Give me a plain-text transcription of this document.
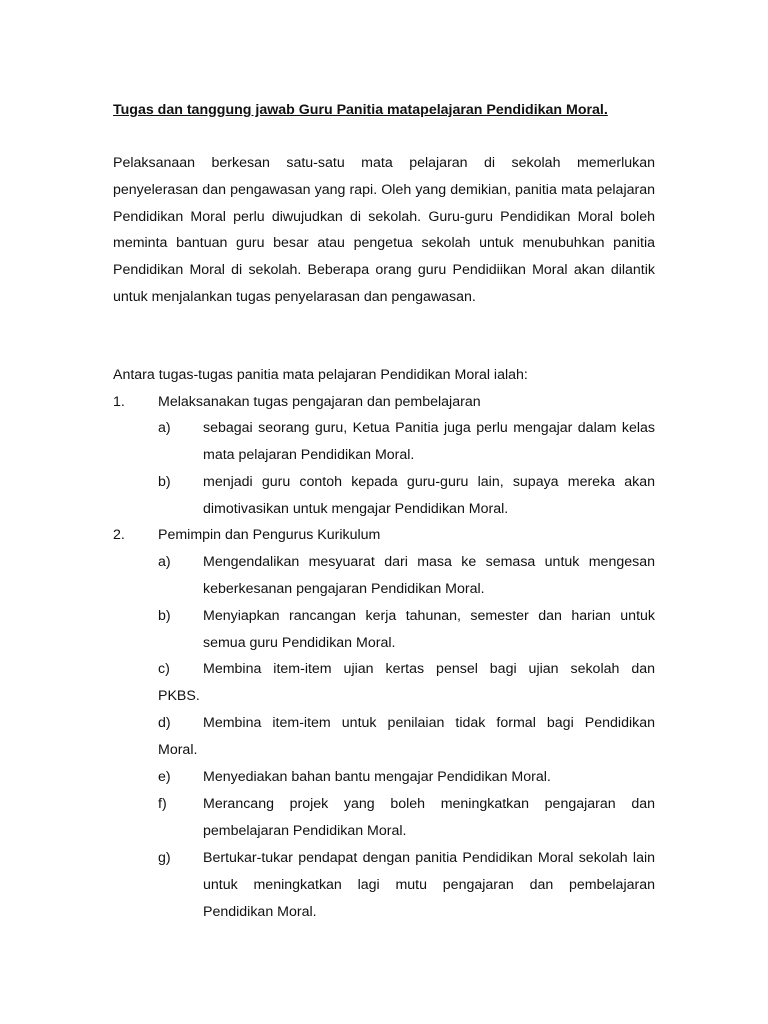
Tugas dan tanggung jawab Guru Panitia matapelajaran Pendidikan Moral.
Pelaksanaan berkesan satu-satu mata pelajaran di sekolah memerlukan penyelerasan dan pengawasan yang rapi. Oleh yang demikian, panitia mata pelajaran Pendidikan Moral perlu diwujudkan di sekolah. Guru-guru Pendidikan Moral boleh meminta bantuan guru besar atau pengetua sekolah untuk menubuhkan panitia Pendidikan Moral di sekolah. Beberapa orang guru Pendidiikan Moral akan dilantik untuk menjalankan tugas penyelarasan dan pengawasan.
Antara tugas-tugas panitia mata pelajaran Pendidikan Moral ialah:
1. Melaksanakan tugas pengajaran dan pembelajaran
a) sebagai seorang guru, Ketua Panitia juga perlu mengajar dalam kelas mata pelajaran Pendidikan Moral.
b) menjadi guru contoh kepada guru-guru lain, supaya mereka akan dimotivasikan untuk mengajar Pendidikan Moral.
2. Pemimpin dan Pengurus Kurikulum
a) Mengendalikan mesyuarat dari masa ke semasa untuk mengesan keberkesanan pengajaran Pendidikan Moral.
b) Menyiapkan rancangan kerja tahunan, semester dan harian untuk semua guru Pendidikan Moral.
c) Membina item-item ujian kertas pensel bagi ujian sekolah dan
PKBS.
d) Membina item-item untuk penilaian tidak formal bagi Pendidikan
Moral.
e) Menyediakan bahan bantu mengajar Pendidikan Moral.
f)	Merancang projek yang boleh meningkatkan pengajaran dan pembelajaran Pendidikan Moral.
g) Bertukar-tukar pendapat dengan panitia Pendidikan Moral sekolah lain untuk meningkatkan lagi mutu pengajaran dan pembelajaran Pendidikan Moral.
